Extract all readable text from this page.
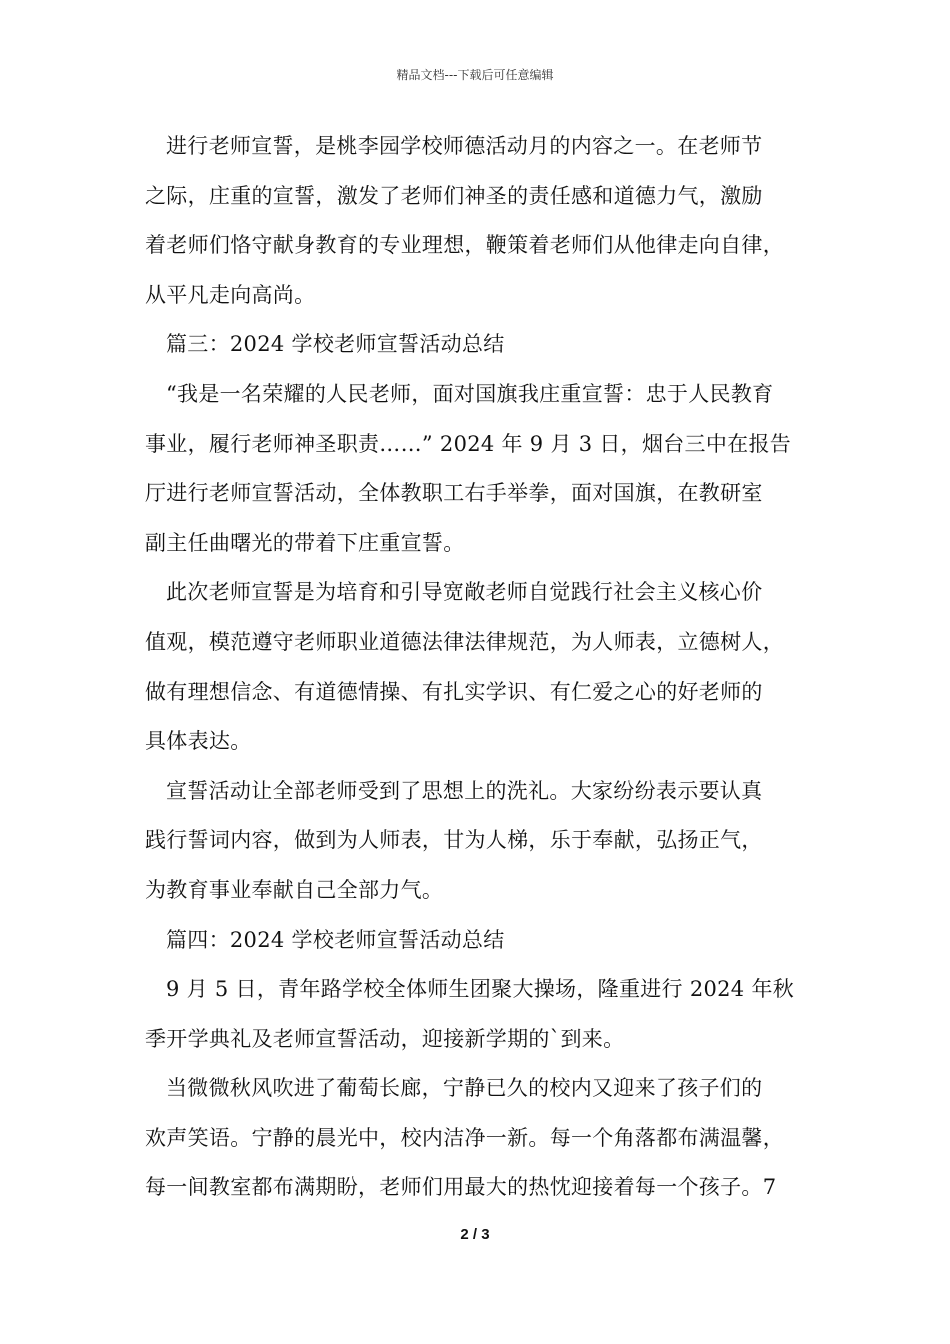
精品文档---下载后可任意编辑
进行老师宣誓，是桃李园学校师德活动月的内容之一。在老师节
之际，庄重的宣誓，激发了老师们神圣的责任感和道德力气，激励
着老师们恪守献身教育的专业理想，鞭策着老师们从他律走向自律，
从平凡走向高尚。
篇三：2024 学校老师宣誓活动总结
“我是一名荣耀的人民老师，面对国旗我庄重宣誓：忠于人民教育
事业，履行老师神圣职责……” 2024 年 9 月 3 日，烟台三中在报告
厅进行老师宣誓活动，全体教职工右手举拳，面对国旗，在教研室
副主任曲曙光的带着下庄重宣誓。
此次老师宣誓是为培育和引导宽敞老师自觉践行社会主义核心价
值观，模范遵守老师职业道德法律法律规范，为人师表，立德树人，
做有理想信念、有道德情操、有扎实学识、有仁爱之心的好老师的
具体表达。
宣誓活动让全部老师受到了思想上的洗礼。大家纷纷表示要认真
践行誓词内容，做到为人师表，甘为人梯，乐于奉献，弘扬正气，
为教育事业奉献自己全部力气。
篇四：2024 学校老师宣誓活动总结
9 月 5 日，青年路学校全体师生团聚大操场，隆重进行 2024 年秋
季开学典礼及老师宣誓活动，迎接新学期的`到来。
当微微秋风吹进了葡萄长廊，宁静已久的校内又迎来了孩子们的
欢声笑语。宁静的晨光中，校内洁净一新。每一个角落都布满温馨，
每一间教室都布满期盼，老师们用最大的热忱迎接着每一个孩子。7
2 / 3
